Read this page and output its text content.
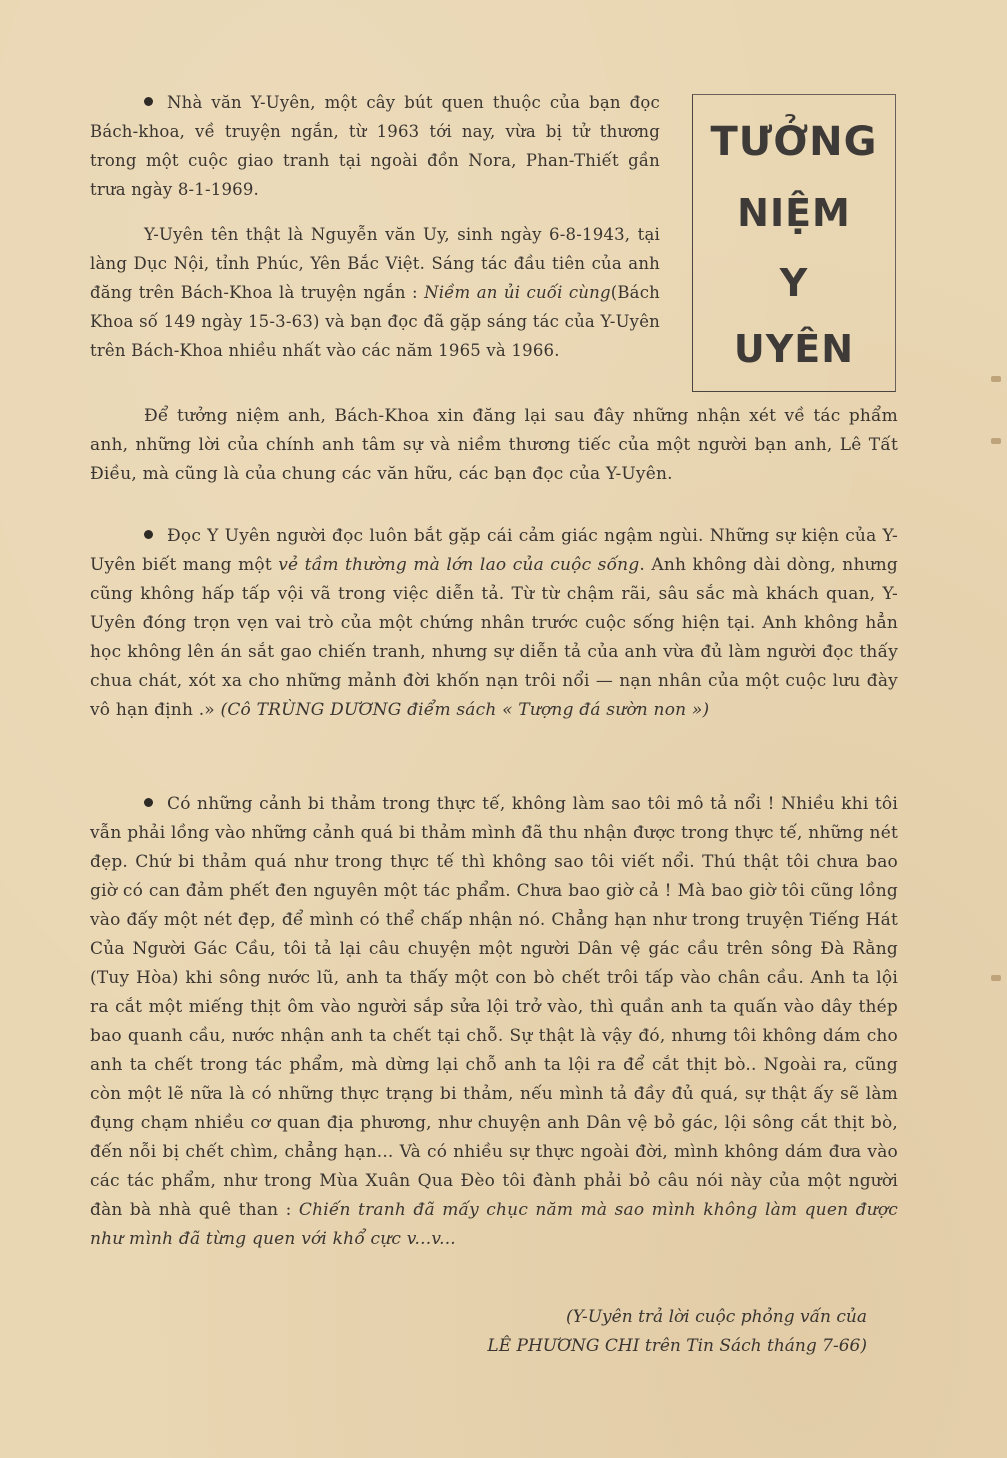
Nhà văn Y-Uyên, một cây bút quen thuộc của bạn đọc Bách-khoa, về truyện ngắn, từ 1963 tới nay, vừa bị tử thương trong một cuộc giao tranh tại ngoài đồn Nora, Phan-Thiết gần trưa ngày 8-1-1969.

Y-Uyên tên thật là Nguyễn văn Uy, sinh ngày 6-8-1943, tại làng Dục Nội, tỉnh Phúc, Yên Bắc Việt. Sáng tác đầu tiên của anh đăng trên Bách-Khoa là truyện ngắn : Niềm an ủi cuối cùng(Bách Khoa số 149 ngày 15-3-63) và bạn đọc đã gặp sáng tác của Y-Uyên trên Bách-Khoa nhiều nhất vào các năm 1965 và 1966.

TƯỞNG
NIỆM
Y
UYÊN

Để tưởng niệm anh, Bách-Khoa xin đăng lại sau đây những nhận xét về tác phẩm anh, những lời của chính anh tâm sự và niềm thương tiếc của một người bạn anh, Lê Tất Điều, mà cũng là của chung các văn hữu, các bạn đọc của Y-Uyên.

Đọc Y Uyên người đọc luôn bắt gặp cái cảm giác ngậm ngùi. Những sự kiện của Y-Uyên biết mang một vẻ tầm thường mà lớn lao của cuộc sống. Anh không dài dòng, nhưng cũng không hấp tấp vội vã trong việc diễn tả. Từ từ chậm rãi, sâu sắc mà khách quan, Y-Uyên đóng trọn vẹn vai trò của một chứng nhân trước cuộc sống hiện tại. Anh không hẳn học không lên án sắt gao chiến tranh, nhưng sự diễn tả của anh vừa đủ làm người đọc thấy chua chát, xót xa cho những mảnh đời khốn nạn trôi nổi — nạn nhân của một cuộc lưu đày vô hạn định .» (Cô TRÙNG DƯƠNG điểm sách « Tượng đá sườn non »)

Có những cảnh bi thảm trong thực tế, không làm sao tôi mô tả nổi ! Nhiều khi tôi vẫn phải lồng vào những cảnh quá bi thảm mình đã thu nhận được trong thực tế, những nét đẹp. Chứ bi thảm quá như trong thực tế thì không sao tôi viết nổi. Thú thật tôi chưa bao giờ có can đảm phết đen nguyên một tác phẩm. Chưa bao giờ cả ! Mà bao giờ tôi cũng lồng vào đấy một nét đẹp, để mình có thể chấp nhận nó. Chẳng hạn như trong truyện Tiếng Hát Của Người Gác Cầu, tôi tả lại câu chuyện một người Dân vệ gác cầu trên sông Đà Rằng (Tuy Hòa) khi sông nước lũ, anh ta thấy một con bò chết trôi tấp vào chân cầu. Anh ta lội ra cắt một miếng thịt ôm vào người sắp sửa lội trở vào, thì quần anh ta quấn vào dây thép bao quanh cầu, nước nhận anh ta chết tại chỗ. Sự thật là vậy đó, nhưng tôi không dám cho anh ta chết trong tác phẩm, mà dừng lại chỗ anh ta lội ra để cắt thịt bò.. Ngoài ra, cũng còn một lẽ nữa là có những thực trạng bi thảm, nếu mình tả đầy đủ quá, sự thật ấy sẽ làm đụng chạm nhiều cơ quan địa phương, như chuyện anh Dân vệ bỏ gác, lội sông cắt thịt bò, đến nỗi bị chết chìm, chẳng hạn... Và có nhiều sự thực ngoài đời, mình không dám đưa vào các tác phẩm, như trong Mùa Xuân Qua Đèo tôi đành phải bỏ câu nói này của một người đàn bà nhà quê than : Chiến tranh đã mấy chục năm mà sao mình không làm quen được như mình đã từng quen với khổ cực v...v...

(Y-Uyên trả lời cuộc phỏng vấn của
LÊ PHƯƠNG CHI trên Tin Sách tháng 7-66)
